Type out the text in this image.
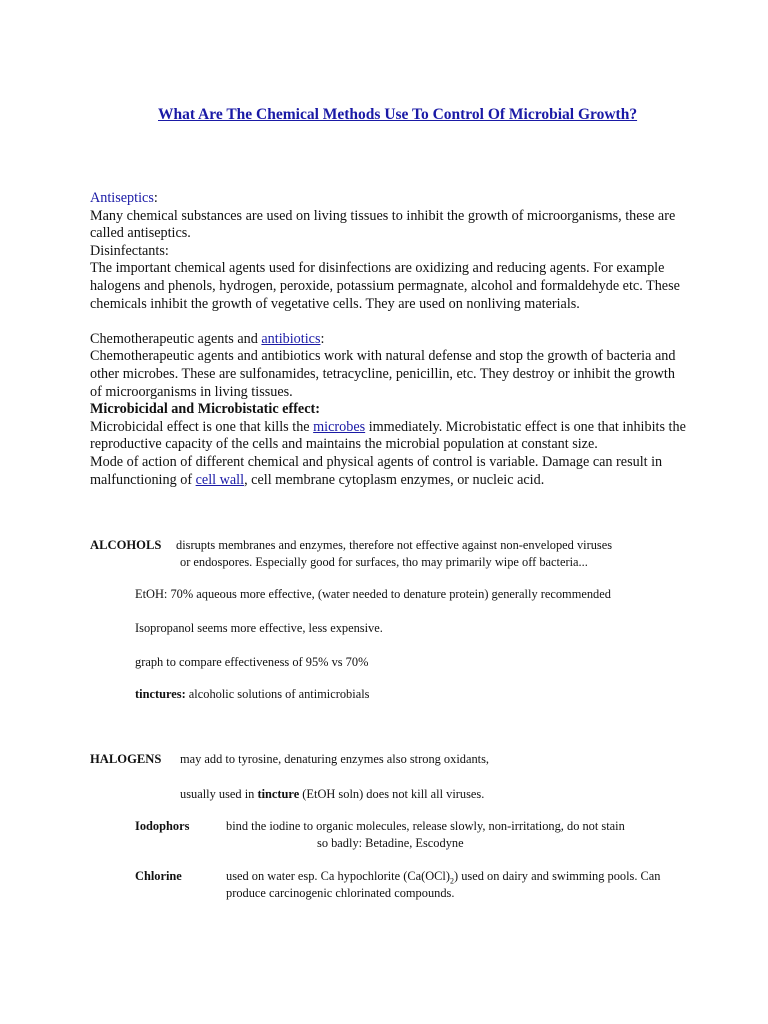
What Are The Chemical Methods Use To Control Of Microbial Growth?

Antiseptics:

Many chemical substances are used on living tissues to inhibit the growth of microorganisms, these are called antiseptics.

Disinfectants:

The important chemical agents used for disinfections are oxidizing and reducing agents. For example halogens and phenols, hydrogen, peroxide, potassium permagnate, alcohol and formaldehyde etc. These chemicals inhibit the growth of vegetative cells. They are used on nonliving materials.

Chemotherapeutic agents and antibiotics:

Chemotherapeutic agents and antibiotics work with natural defense and stop the growth of bacteria and other microbes. These are sulfonamides, tetracycline, penicillin, etc. They destroy or inhibit the growth of microorganisms in living tissues.

Microbicidal and Microbistatic effect:

Microbicidal effect is one that kills the microbes immediately. Microbistatic effect is one that inhibits the reproductive capacity of the cells and maintains the microbial population at constant size.

Mode of action of different chemical and physical agents of control is variable. Damage can result in malfunctioning of cell wall, cell membrane cytoplasm enzymes, or nucleic acid.

ALCOHOLS disrupts membranes and enzymes, therefore not effective against non-enveloped viruses
or endospores. Especially good for surfaces, tho may primarily wipe off bacteria...
EtOH: 70% aqueous more effective, (water needed to denature protein) generally recommended
Isopropanol seems more effective, less expensive.
graph to compare effectiveness of 95% vs 70%
tinctures: alcoholic solutions of antimicrobials
HALOGENS may add to tyrosine, denaturing enzymes also strong oxidants,
usually used in tincture (EtOH soln) does not kill all viruses.
Iodophors	bind the iodine to organic molecules, release slowly, non-irritationg, do not stain
so badly: Betadine, Escodyne
Chlorine	used on water esp. Ca hypochlorite $(Ca(OCl)_2)$ used on dairy and swimming pools. Can produce carcinogenic chlorinated compounds.
